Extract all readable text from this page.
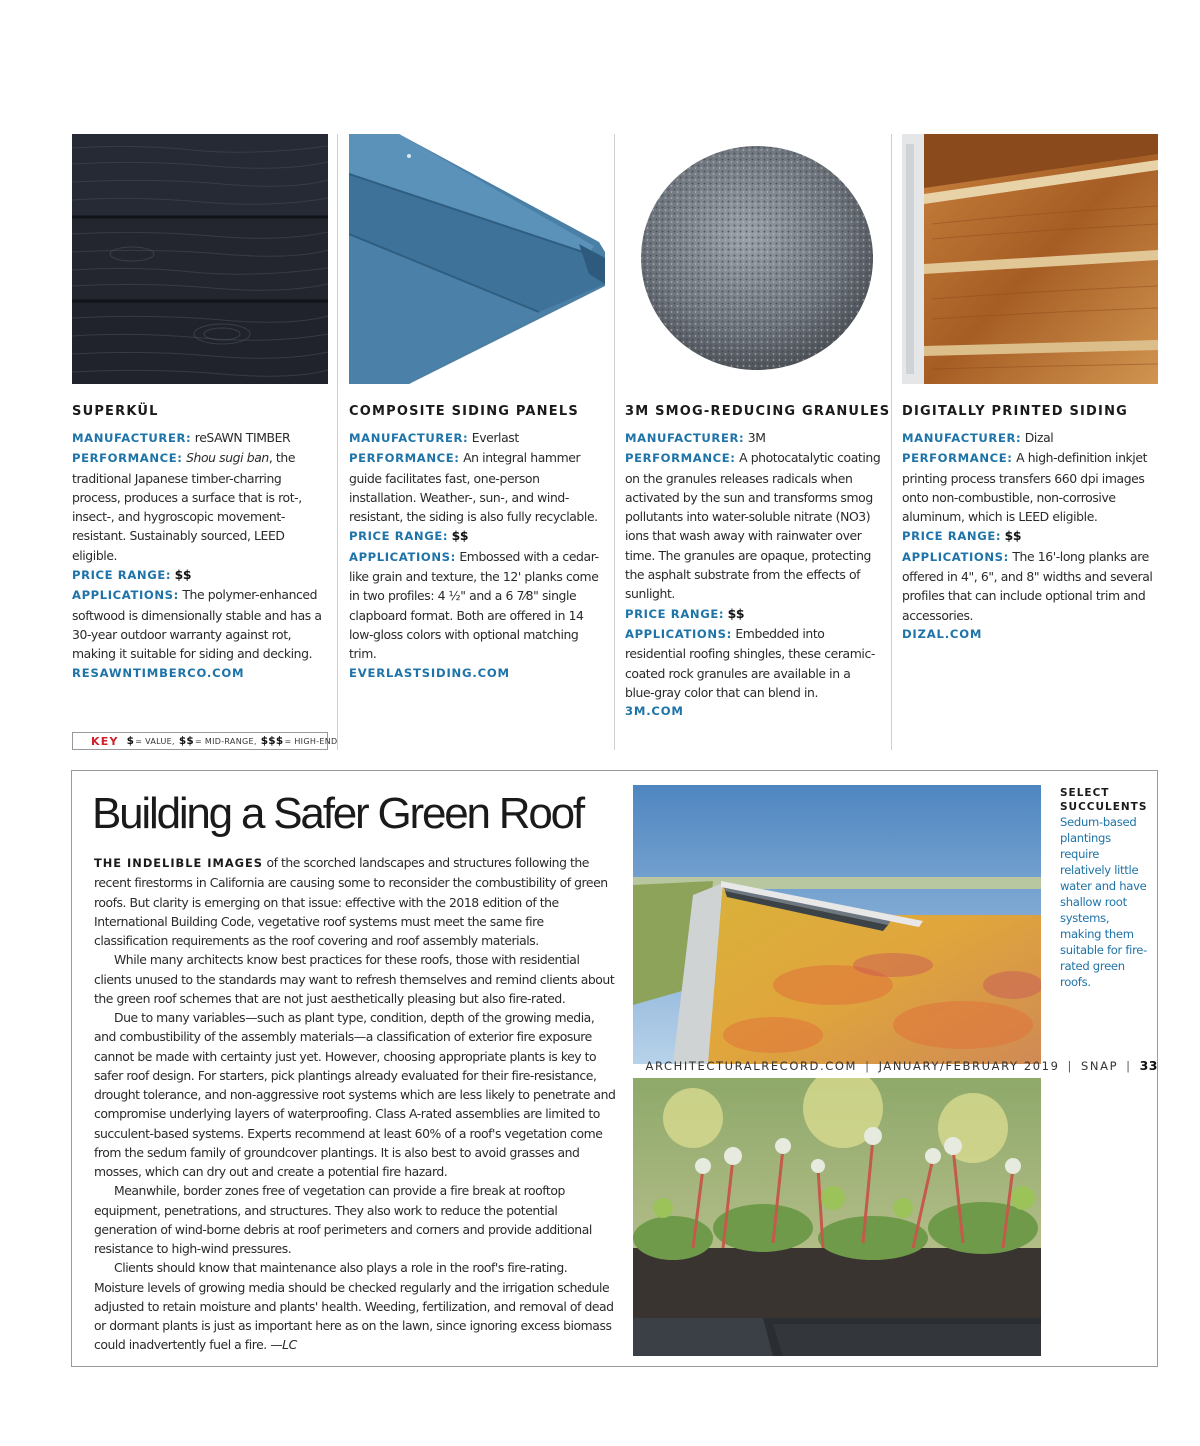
SUPERKÜL
MANUFACTURER: reSAWN TIMBER
PERFORMANCE: Shou sugi ban, the traditional Japanese timber-charring process, produces a surface that is rot-, insect-, and hygroscopic movement-resistant. Sustainably sourced, LEED eligible.
PRICE RANGE: $$
APPLICATIONS: The polymer-enhanced softwood is dimensionally stable and has a 30-year outdoor warranty against rot, making it suitable for siding and decking.
RESAWNTIMBERCO.COM
COMPOSITE SIDING PANELS
MANUFACTURER: Everlast
PERFORMANCE: An integral hammer guide facilitates fast, one-person installation. Weather-, sun-, and wind-resistant, the siding is also fully recyclable.
PRICE RANGE: $$
APPLICATIONS: Embossed with a cedar-like grain and texture, the 12' planks come in two profiles: 4 ½" and a 6 7⁄8" single clapboard format. Both are offered in 14 low-gloss colors with optional matching trim.
EVERLASTSIDING.COM
3M SMOG-REDUCING GRANULES
MANUFACTURER: 3M
PERFORMANCE: A photocatalytic coating on the granules releases radicals when activated by the sun and transforms smog pollutants into water-soluble nitrate (NO3) ions that wash away with rainwater over time. The granules are opaque, protecting the asphalt substrate from the effects of sunlight.
PRICE RANGE: $$
APPLICATIONS: Embedded into residential roofing shingles, these ceramic-coated rock granules are available in a blue-gray color that can blend in.
3M.COM
DIGITALLY PRINTED SIDING
MANUFACTURER: Dizal
PERFORMANCE: A high-definition inkjet printing process transfers 660 dpi images onto non-combustible, non-corrosive aluminum, which is LEED eligible.
PRICE RANGE: $$
APPLICATIONS: The 16'-long planks are offered in 4", 6", and 8" widths and several profiles that can include optional trim and accessories.
DIZAL.COM
KEY $ = VALUE, $$ = MID-RANGE, $$$ = HIGH-END
Building a Safer Green Roof

THE INDELIBLE IMAGES of the scorched landscapes and structures following the recent firestorms in California are causing some to reconsider the combustibility of green roofs. But clarity is emerging on that issue: effective with the 2018 edition of the International Building Code, vegetative roof systems must meet the same fire classification requirements as the roof covering and roof assembly materials.

While many architects know best practices for these roofs, those with residential clients unused to the standards may want to refresh themselves and remind clients about the green roof schemes that are not just aesthetically pleasing but also fire-rated.

Due to many variables—such as plant type, condition, depth of the growing media, and combustibility of the assembly materials—a classification of exterior fire exposure cannot be made with certainty just yet. However, choosing appropriate plants is key to safer roof design. For starters, pick plantings already evaluated for their fire-resistance, drought tolerance, and non-aggressive root systems which are less likely to penetrate and compromise underlying layers of waterproofing. Class A-rated assemblies are limited to succulent-based systems. Experts recommend at least 60% of a roof's vegetation come from the sedum family of groundcover plantings. It is also best to avoid grasses and mosses, which can dry out and create a potential fire hazard.

Meanwhile, border zones free of vegetation can provide a fire break at rooftop equipment, penetrations, and structures. They also work to reduce the potential generation of wind-borne debris at roof perimeters and corners and provide additional resistance to high-wind pressures.

Clients should know that maintenance also plays a role in the roof's fire-rating. Moisture levels of growing media should be checked regularly and the irrigation schedule adjusted to retain moisture and plants' health. Weeding, fertilization, and removal of dead or dormant plants is just as important here as on the lawn, since ignoring excess biomass could inadvertently fuel a fire. —LC

SELECT SUCCULENTS
Sedum-based plantings require relatively little water and have shallow root systems, making them suitable for fire-rated green roofs.
ARCHITECTURALRECORD.COM | JANUARY/FEBRUARY 2019 | SNAP | 33
